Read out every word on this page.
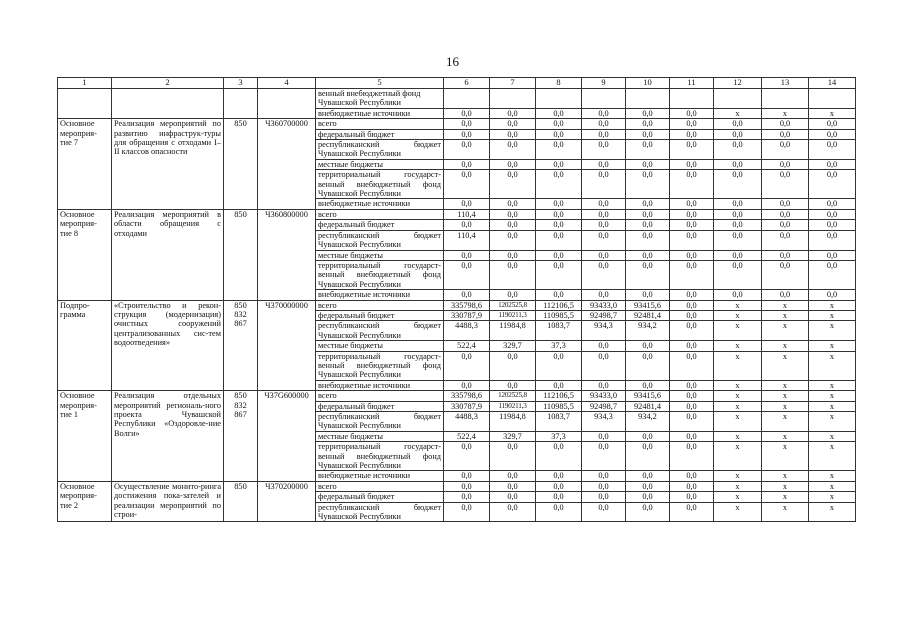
16
1	2	3	4	5	6	7	8	9	10	11	12	13	14
				венный внебюджетный фонд
Чувашской Республики									
				внебюджетные источники	0,0	0,0	0,0	0,0	0,0	0,0	x	x	x
Основное
мероприя-
тие 7	Реализация мероприятий по развитию инфраструк-туры для обращения с отходами I–II классов опасности	850	Ч360700000	всего	0,0	0,0	0,0	0,0	0,0	0,0	0,0	0,0	0,0
				федеральный бюджет	0,0	0,0	0,0	0,0	0,0	0,0	0,0	0,0	0,0
				республиканский бюджет Чувашской Республики	0,0	0,0	0,0	0,0	0,0	0,0	0,0	0,0	0,0
				местные бюджеты	0,0	0,0	0,0	0,0	0,0	0,0	0,0	0,0	0,0
				территориальный государст-венный внебюджетный фонд Чувашской Республики	0,0	0,0	0,0	0,0	0,0	0,0	0,0	0,0	0,0
				внебюджетные источники	0,0	0,0	0,0	0,0	0,0	0,0	0,0	0,0	0,0
Основное
мероприя-
тие 8	Реализация мероприятий в области обращения с отходами	850	Ч360800000	всего	110,4	0,0	0,0	0,0	0,0	0,0	0,0	0,0	0,0
				федеральный бюджет	0,0	0,0	0,0	0,0	0,0	0,0	0,0	0,0	0,0
				республиканский бюджет Чувашской Республики	110,4	0,0	0,0	0,0	0,0	0,0	0,0	0,0	0,0
				местные бюджеты	0,0	0,0	0,0	0,0	0,0	0,0	0,0	0,0	0,0
				территориальный государст-венный внебюджетный фонд Чувашской Республики	0,0	0,0	0,0	0,0	0,0	0,0	0,0	0,0	0,0
				внебюджетные источники	0,0	0,0	0,0	0,0	0,0	0,0	0,0	0,0	0,0
Подпро-
грамма	«Строительство и рекон-струкция (модернизация) очистных сооружений централизованных сис-тем водоотведения»	850
832
867	Ч370000000	всего	335798,6	1202525,8	112106,5	93433,0	93415,6	0,0	x	x	x
				федеральный бюджет	330787,9	1190211,3	110985,5	92498,7	92481,4	0,0	x	x	x
				республиканский бюджет Чувашской Республики	4488,3	11984,8	1083,7	934,3	934,2	0,0	x	x	x
				местные бюджеты	522,4	329,7	37,3	0,0	0,0	0,0	x	x	x
				территориальный государст-венный внебюджетный фонд Чувашской Республики	0,0	0,0	0,0	0,0	0,0	0,0	x	x	x
				внебюджетные источники	0,0	0,0	0,0	0,0	0,0	0,0	x	x	x
Основное
мероприя-
тие 1	Реализация отдельных мероприятий региональ-ного проекта Чувашской Республики «Оздоровле-ние Волги»	850
832
867	Ч37G600000	всего	335798,6	1202525,8	112106,5	93433,0	93415,6	0,0	x	x	x
				федеральный бюджет	330787,9	1190211,3	110985,5	92498,7	92481,4	0,0	x	x	x
				республиканский бюджет Чувашской Республики	4488,3	11984,8	1083,7	934,3	934,2	0,0	x	x	x
				местные бюджеты	522,4	329,7	37,3	0,0	0,0	0,0	x	x	x
				территориальный государст-венный внебюджетный фонд Чувашской Республики	0,0	0,0	0,0	0,0	0,0	0,0	x	x	x
				внебюджетные источники	0,0	0,0	0,0	0,0	0,0	0,0	x	x	x
Основное
мероприя-
тие 2	Осуществление монито-ринга достижения пока-зателей и реализации мероприятий по строи-	850	Ч370200000	всего	0,0	0,0	0,0	0,0	0,0	0,0	x	x	x
				федеральный бюджет	0,0	0,0	0,0	0,0	0,0	0,0	x	x	x
				республиканский бюджет Чувашской Республики	0,0	0,0	0,0	0,0	0,0	0,0	x	x	x
